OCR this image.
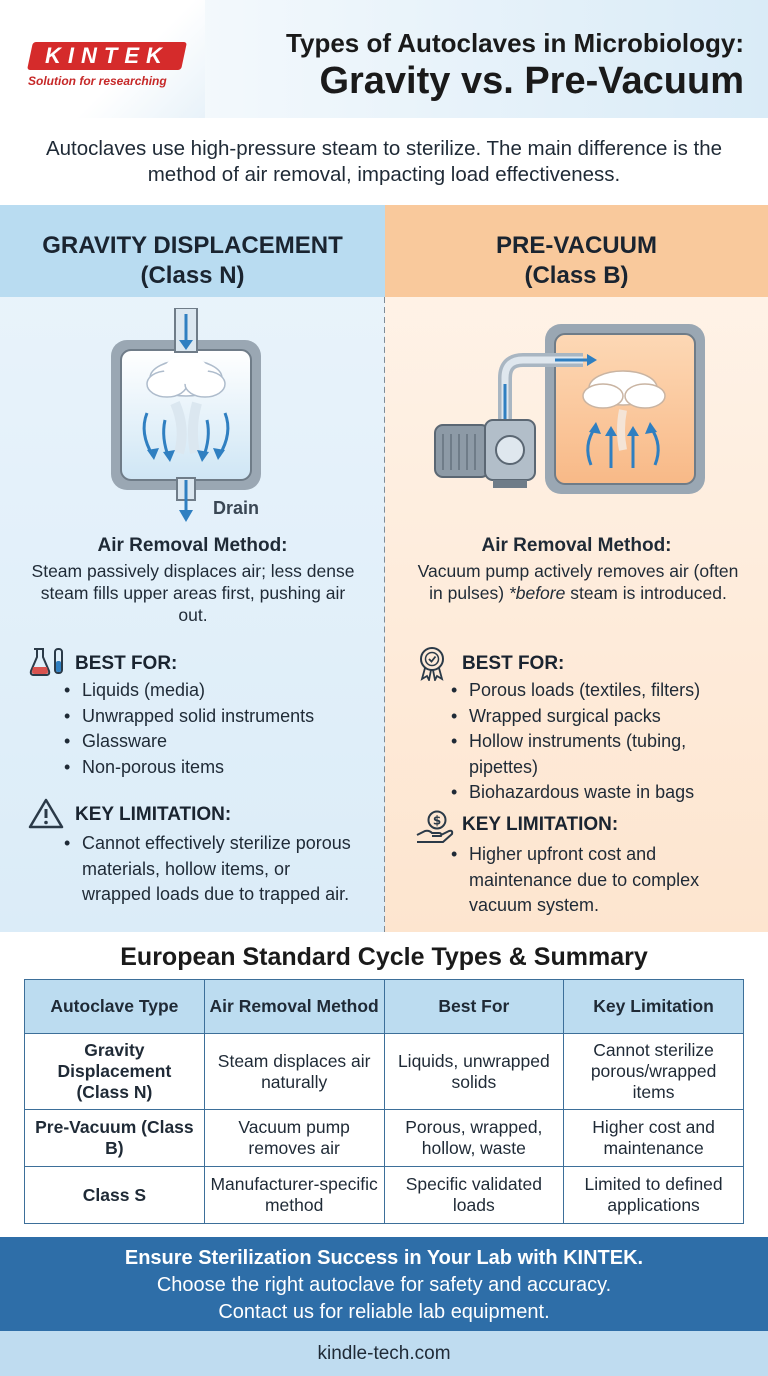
KINTEK
Solution for researching
Types of Autoclaves in Microbiology:
Gravity vs. Pre-Vacuum
Autoclaves use high-pressure steam to sterilize. The main difference is the method of air removal, impacting load effectiveness.
GRAVITY DISPLACEMENT
(Class N)
Drain
Air Removal Method:
Steam passively displaces air; less dense steam fills upper areas first, pushing air out.
BEST FOR:
• Liquids (media)
• Unwrapped solid instruments
• Glassware
• Non-porous items
KEY LIMITATION:
• Cannot effectively sterilize porous materials, hollow items, or wrapped loads due to trapped air.
PRE-VACUUM
(Class B)
Air Removal Method:
Vacuum pump actively removes air (often in pulses) *before steam is introduced.
BEST FOR:
• Porous loads (textiles, filters)
• Wrapped surgical packs
• Hollow instruments (tubing, pipettes)
• Biohazardous waste in bags
$ KEY LIMITATION:
• Higher upfront cost and maintenance due to complex vacuum system.
European Standard Cycle Types & Summary
Autoclave Type	Air Removal Method	Best For	Key Limitation
Gravity Displacement (Class N)	Steam displaces air naturally	Liquids, unwrapped solids	Cannot sterilize porous/wrapped items
Pre-Vacuum (Class B)	Vacuum pump removes air	Porous, wrapped, hollow, waste	Higher cost and maintenance
Class S	Manufacturer-specific method	Specific validated loads	Limited to defined applications
Ensure Sterilization Success in Your Lab with KINTEK.
Choose the right autoclave for safety and accuracy.
Contact us for reliable lab equipment.
kindle-tech.com
